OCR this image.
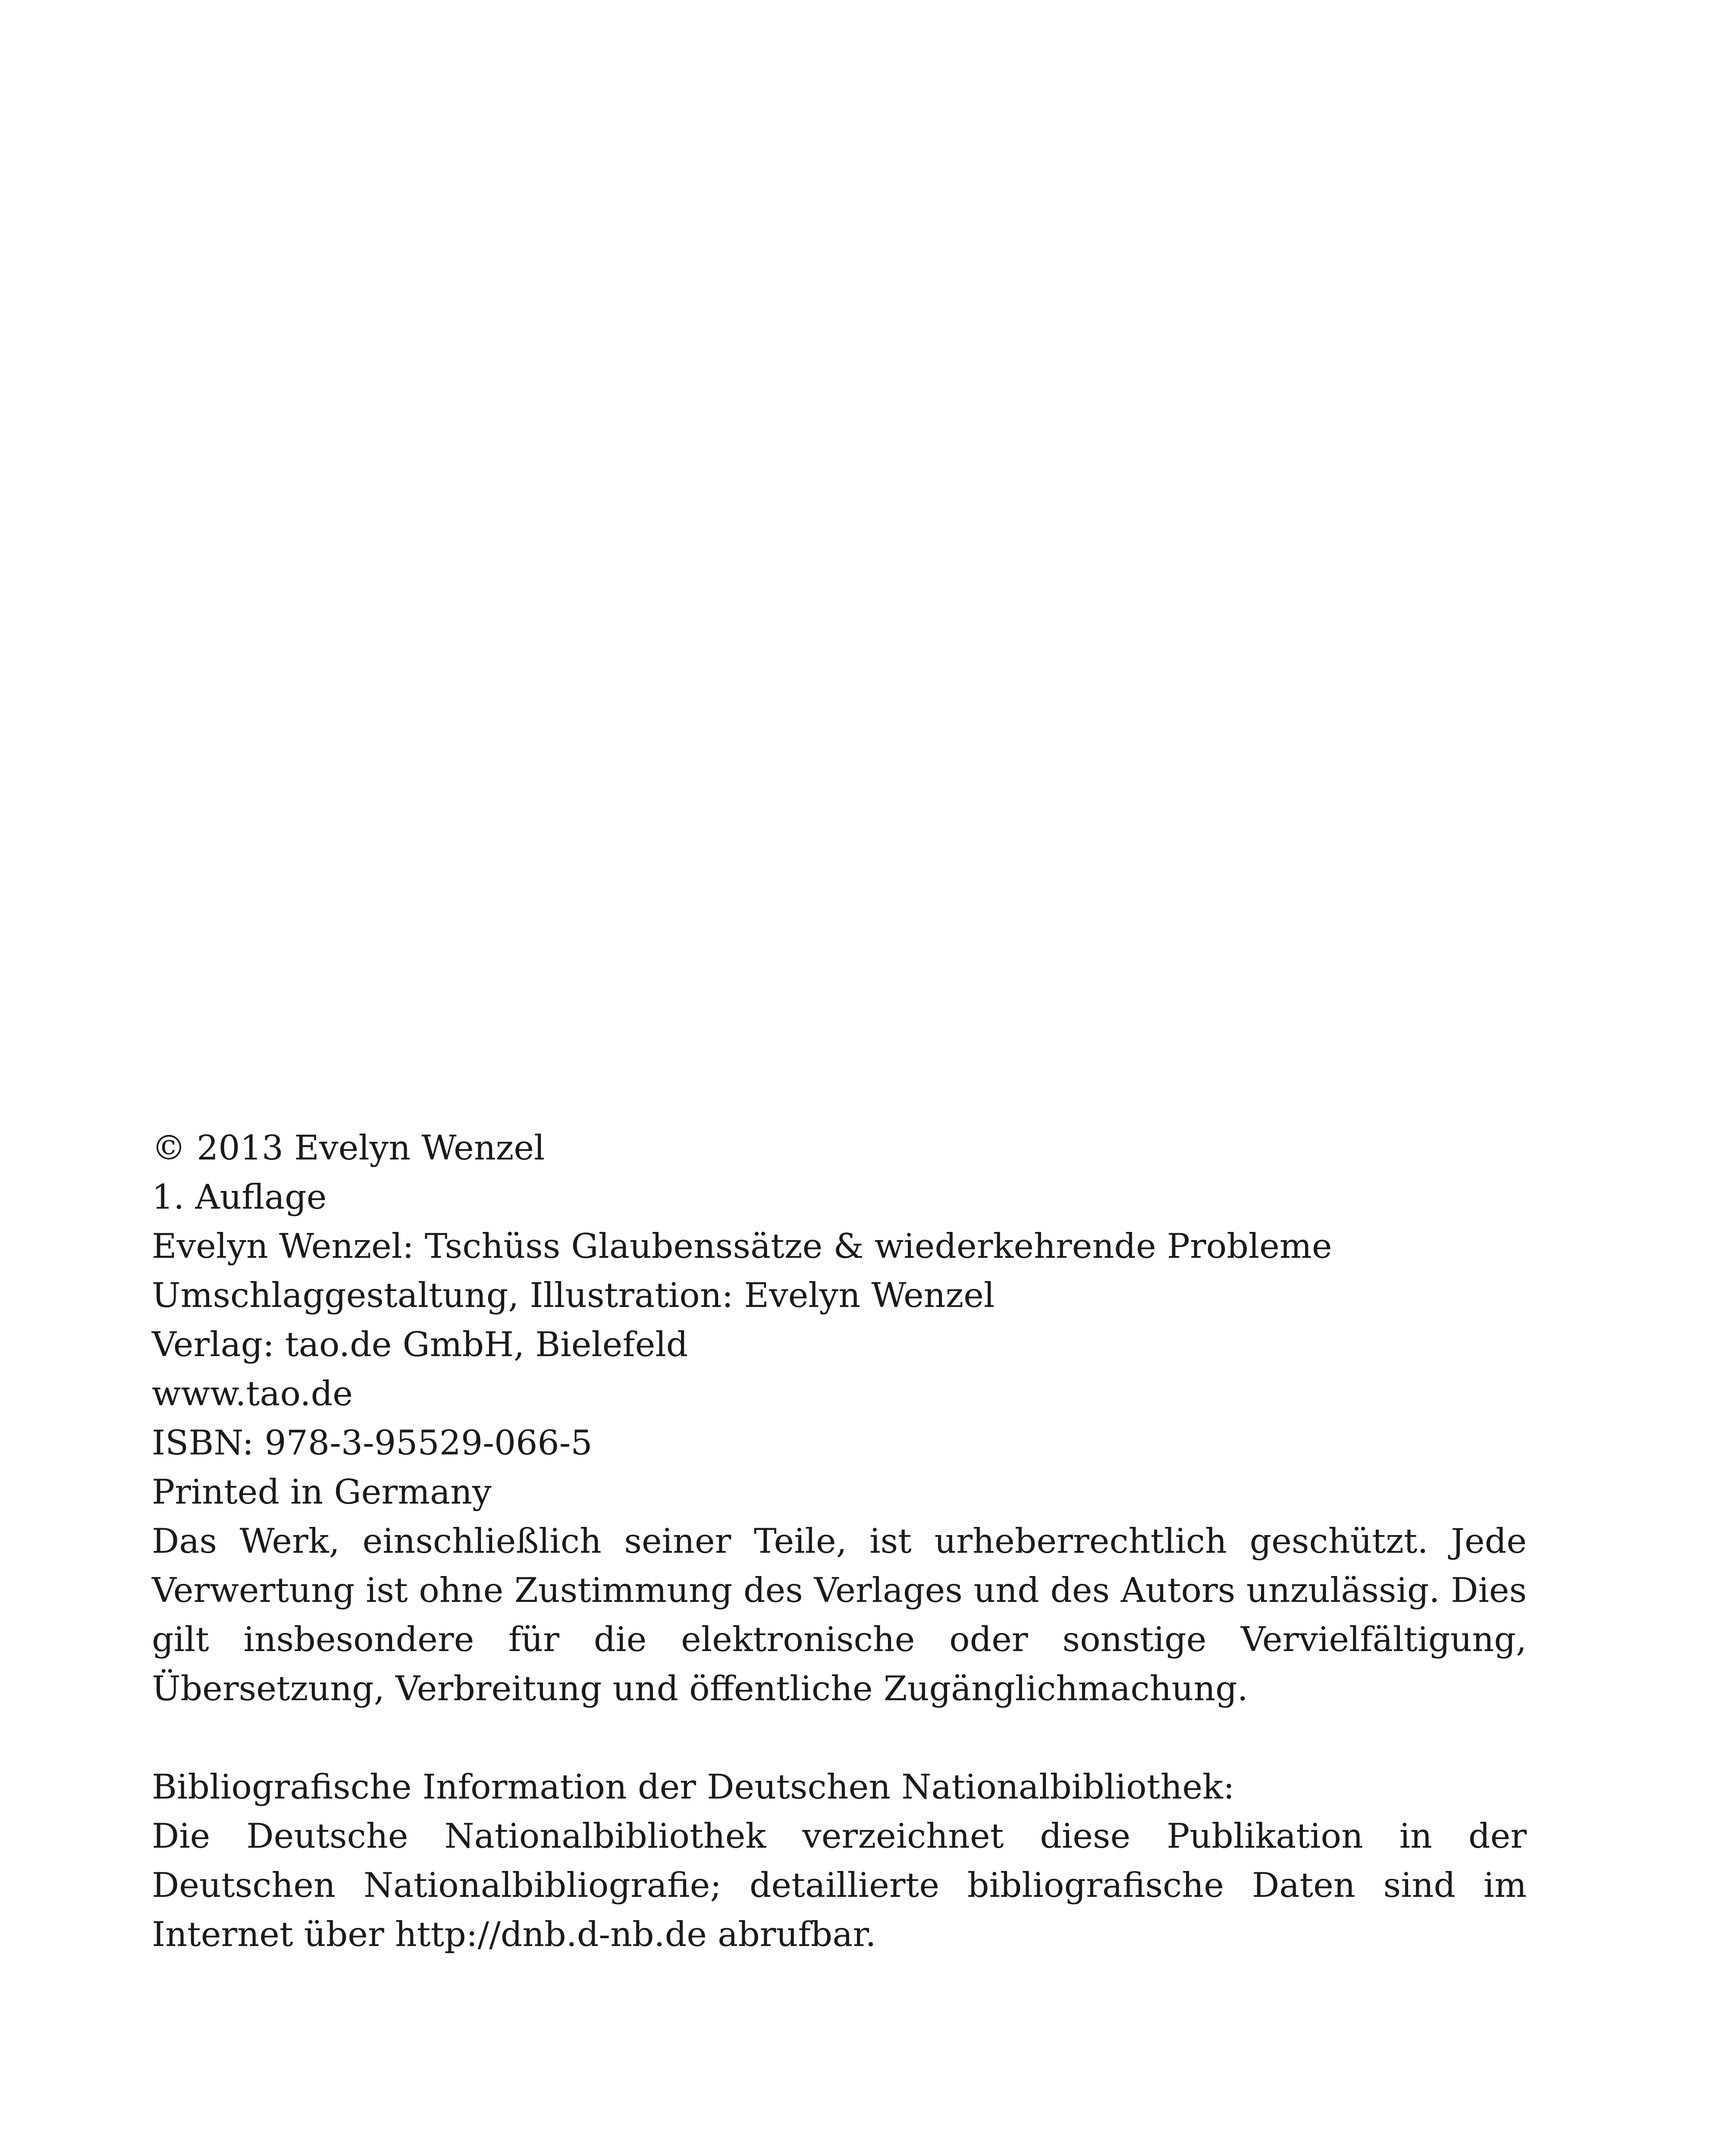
© 2013 Evelyn Wenzel
1. Auflage
Evelyn Wenzel: Tschüss Glaubenssätze & wiederkehrende Probleme
Umschlaggestaltung, Illustration: Evelyn Wenzel
Verlag: tao.de GmbH, Bielefeld
www.tao.de
ISBN: 978-3-95529-066-5
Printed in Germany
Das Werk, einschließlich seiner Teile, ist urheberrechtlich geschützt. Jede Verwertung ist ohne Zustimmung des Verlages und des Autors unzulässig. Dies gilt insbesondere für die elektronische oder sonstige Vervielfältigung, Übersetzung, Verbreitung und öffentliche Zugänglichmachung.
Bibliografische Information der Deutschen Nationalbibliothek:
Die Deutsche Nationalbibliothek verzeichnet diese Publikation in der Deutschen Nationalbibliografie; detaillierte bibliografische Daten sind im Internet über http://dnb.d-nb.de abrufbar.
